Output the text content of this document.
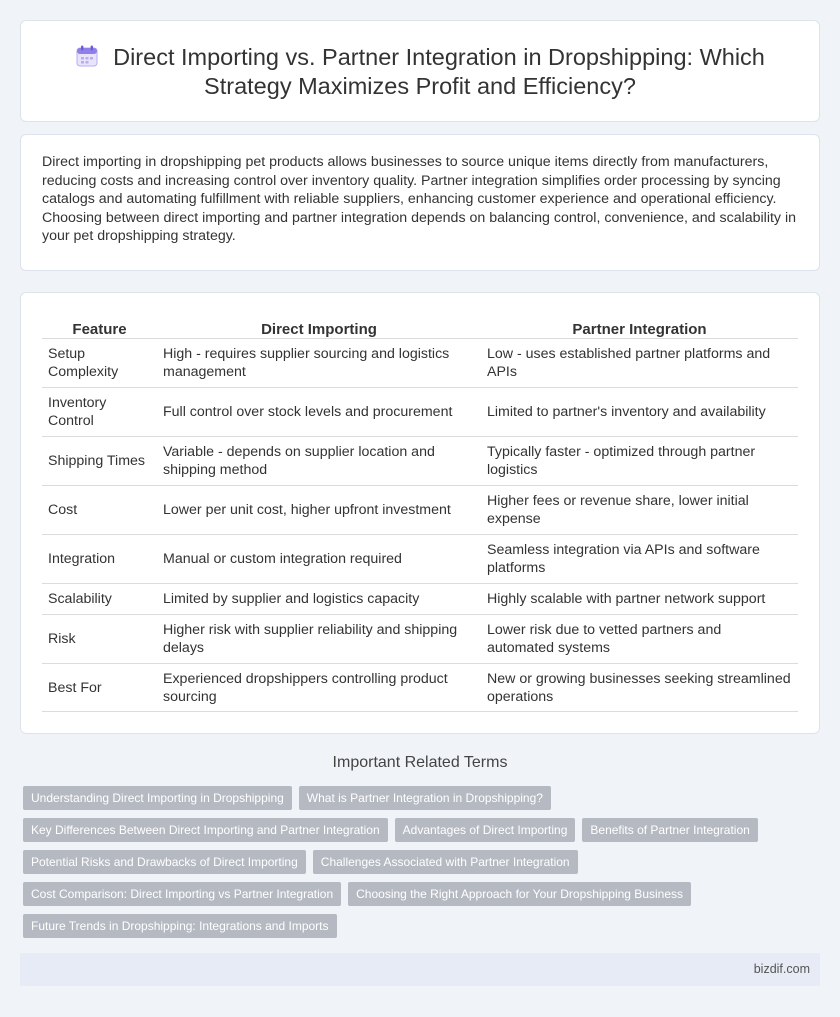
Direct Importing vs. Partner Integration in Dropshipping: Which
Strategy Maximizes Profit and Efficiency?

Direct importing in dropshipping pet products allows businesses to source unique items directly from manufacturers, reducing costs and increasing control over inventory quality. Partner integration simplifies order processing by syncing catalogs and automating fulfillment with reliable suppliers, enhancing customer experience and operational efficiency. Choosing between direct importing and partner integration depends on balancing control, convenience, and scalability in your pet dropshipping strategy.

Feature	Direct Importing	Partner Integration
Setup Complexity	High - requires supplier sourcing and logistics management	Low - uses established partner platforms and APIs
Inventory Control	Full control over stock levels and procurement	Limited to partner's inventory and availability
Shipping Times	Variable - depends on supplier location and shipping method	Typically faster - optimized through partner logistics
Cost	Lower per unit cost, higher upfront investment	Higher fees or revenue share, lower initial expense
Integration	Manual or custom integration required	Seamless integration via APIs and software platforms
Scalability	Limited by supplier and logistics capacity	Highly scalable with partner network support
Risk	Higher risk with supplier reliability and shipping delays	Lower risk due to vetted partners and automated systems
Best For	Experienced dropshippers controlling product sourcing	New or growing businesses seeking streamlined operations
Important Related Terms
Understanding Direct Importing in Dropshipping	What is Partner Integration in Dropshipping?
Key Differences Between Direct Importing and Partner Integration	Advantages of Direct Importing	Benefits of Partner Integration
Potential Risks and Drawbacks of Direct Importing	Challenges Associated with Partner Integration
Cost Comparison: Direct Importing vs Partner Integration	Choosing the Right Approach for Your Dropshipping Business
Future Trends in Dropshipping: Integrations and Imports
bizdif.com
